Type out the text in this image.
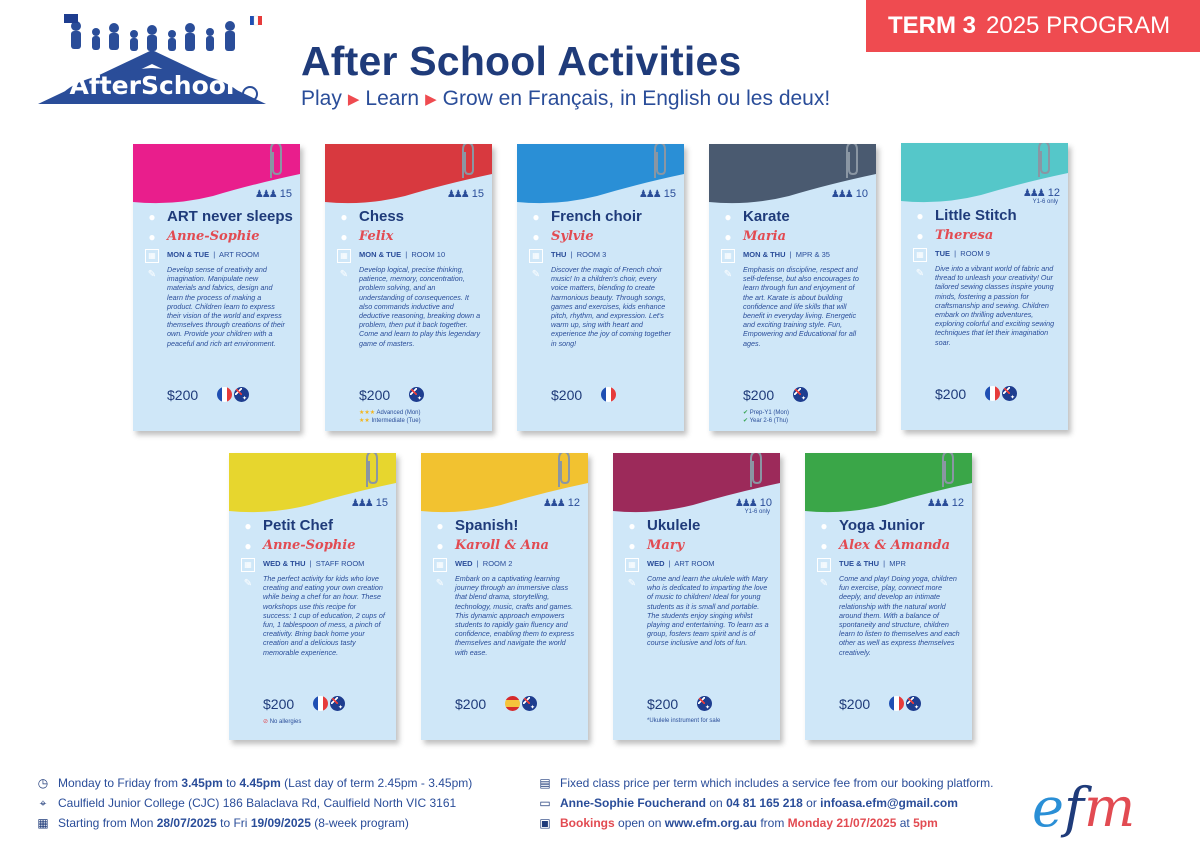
TERM 3 2025 PROGRAM
AfterSchool
After School Activities
Play ▶ Learn ▶ Grow en Français, in English ou les deux!
♟♟♟ 15
● ART never sleeps
● Anne-Sophie
▦	MON & TUE  |  ART ROOM
✎	Develop sense of creativity and imagination. Manipulate new materials and fabrics, design and learn the process of making a product. Children learn to express their vision of the world and express themselves through creations of their own. Provide your children with a peaceful and rich art environment.
$200
✦
♟♟♟ 15
● Chess
● Felix
▦	MON & TUE  |  ROOM 10
✎	Develop logical, precise thinking, patience, memory, concentration, problem solving, and an understanding of consequences. It also commands inductive and deductive reasoning, breaking down a problem, then put it back together. Come and learn to play this legendary game of masters.
$200
✦
★★★ Advanced (Mon)
★★ Intermediate (Tue)
♟♟♟ 15
● French choir
● Sylvie
▦	THU  |  ROOM 3
✎	Discover the magic of French choir music! In a children's choir, every voice matters, blending to create harmonious beauty. Through songs, games and exercises, kids enhance pitch, rhythm, and expression. Let's warm up, sing with heart and experience the joy of coming together in song!
$200
♟♟♟ 10
● Karate
● Maria
▦	MON & THU  |  MPR & 35
✎	Emphasis on discipline, respect and self-defense, but also encourages to learn through fun and enjoyment of the art. Karate is about building confidence and life skills that will benefit in everyday living. Energetic and exciting training style. Fun, Empowering and Educational for all ages.
$200
✦
✔ Prep-Y1 (Mon)
✔ Year 2-6 (Thu)
♟♟♟ 12
Y1-6 only
● Little Stitch
● Theresa
▦	TUE  |  ROOM 9
✎	Dive into a vibrant world of fabric and thread to unleash your creativity! Our tailored sewing classes inspire young minds, fostering a passion for craftsmanship and sewing. Children embark on thrilling adventures, exploring colorful and exciting sewing techniques that let their imagination soar.
$200
✦
♟♟♟ 15
● Petit Chef
● Anne-Sophie
▦	WED & THU  |  STAFF ROOM
✎	The perfect activity for kids who love creating and eating your own creation while being a chef for an hour. These workshops use this recipe for success: 1 cup of education, 2 cups of fun, 1 tablespoon of mess, a pinch of creativity. Bring back home your creation and a delicious tasty memorable experience.
$200
✦
⊘ No allergies
♟♟♟ 12
● Spanish!
● Karoll & Ana
▦	WED  |  ROOM 2
✎	Embark on a captivating learning journey through an immersive class that blend drama, storytelling, technology, music, crafts and games. This dynamic approach empowers students to rapidly gain fluency and confidence, enabling them to express themselves and navigate the world with ease.
$200
✦
♟♟♟ 10
Y1-6 only
● Ukulele
● Mary
▦	WED  |  ART ROOM
✎	Come and learn the ukulele with Mary who is dedicated to imparting the love of music to children! Ideal for young students as it is small and portable. The students enjoy singing whilst playing and entertaining. To learn as a group, fosters team spirit and is of course inclusive and lots of fun.
$200
✦
*Ukulele instrument for sale
♟♟♟ 12
● Yoga Junior
● Alex & Amanda
▦	TUE & THU  |  MPR
✎	Come and play! Doing yoga, children fun exercise, play, connect more deeply, and develop an intimate relationship with the natural world around them. With a balance of spontaneity and structure, children learn to listen to themselves and each other as well as express themselves creatively.
$200
✦
◷ Monday to Friday from 3.45pm to 4.45pm (Last day of term 2.45pm - 3.45pm)
⌖ Caulfield Junior College (CJC) 186 Balaclava Rd, Caulfield North VIC 3161
▦ Starting from Mon 28/07/2025 to Fri 19/09/2025 (8-week program)
▤ Fixed class price per term which includes a service fee from our booking platform.
▭ Anne-Sophie Foucherand on 04 81 165 218 or infoasa.efm@gmail.com
▣ Bookings open on www.efm.org.au from Monday 21/07/2025 at 5pm efm
